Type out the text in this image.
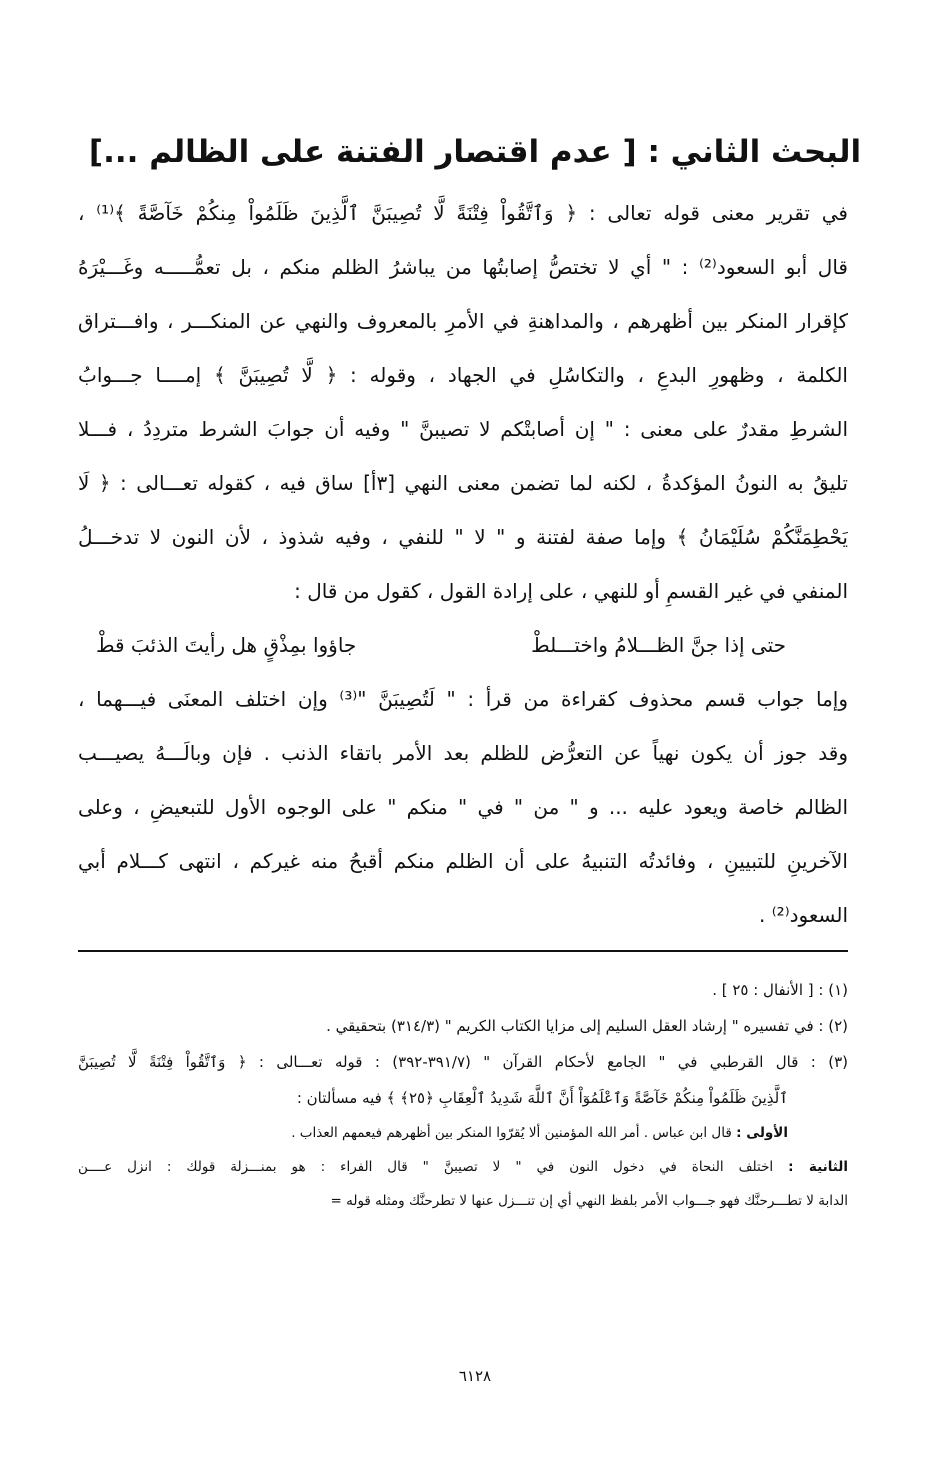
البحث الثاني : [ عدم اقتصار الفتنة على الظالم ...]
في تقرير معنى قوله تعالى : ﴿ وَٱتَّقُواْ فِتْنَةً لَّا تُصِيبَنَّ ٱلَّذِينَ ظَلَمُواْ مِنكُمْ خَآصَّةً ﴾⁽¹⁾ ،
قال أبو السعود⁽²⁾ : " أي لا تختصُّ إصابتُها من يباشرُ الظلم منكم ، بل تعمُّـــــه وغَـــيْرَهُ
كإقرار المنكر بين أظهرهم ، والمداهنةِ في الأمرِ بالمعروف والنهي عن المنكـــر ، وافـــتراق
الكلمة ، وظهورِ البدعِ ، والتكاسُلِ في الجهاد ، وقوله : ﴿ لَّا تُصِيبَنَّ ﴾ إمــــا جـــوابُ
الشرطِ مقدرٌ على معنى : " إن أصابتْكم لا تصيبنَّ " وفيه أن جوابَ الشرط متردِدُ ، فـــلا
تليقُ به النونُ المؤكدةُ ، لكنه لما تضمن معنى النهي [٣أ] ساق فيه ، كقوله تعـــالى : ﴿ لَا
يَحْطِمَنَّكُمْ سُلَيْمَانُ ﴾ وإما صفة لفتنة و " لا " للنفي ، وفيه شذوذ ، لأن النون لا تدخـــلُ
المنفي في غير القسمِ أو للنهي ، على إرادة القول ، كقول من قال :
حتى إذا جنَّ الظـــلامُ واختـــلطْ
جاؤوا بمِذْقٍ هل رأيتَ الذئبَ قطْ
وإما جواب قسم محذوف كقراءة من قرأ : " لَتُصِيبَنَّ "⁽³⁾ وإن اختلف المعنَى فيـــهما ،
وقد جوز أن يكون نهياً عن التعرُّض للظلم بعد الأمر باتقاء الذنب . فإن وبالَـــهُ يصيـــب
الظالم خاصة ويعود عليه ... و " من " في " منكم " على الوجوه الأول للتبعيضِ ، وعلى
الآخرينِ للتبيينِ ، وفائدتُه التنبيهُ على أن الظلم منكم أقبحُ منه غيركم ، انتهى كـــلام أبي
السعود⁽²⁾ .
(١) : [ الأنفال : ٢٥ ] .
(٢) : في تفسيره " إرشاد العقل السليم إلى مزايا الكتاب الكريم " (٣١٤/٣) بتحقيقي .
(٣) : قال القرطبي في " الجامع لأحكام القرآن " (٣٩١/٧-٣٩٢) : قوله تعـــالى : ﴿ وَٱتَّقُواْ فِتْنَةً لَّا تُصِيبَنَّ
ٱلَّذِينَ ظَلَمُواْ مِنكُمْ خَآصَّةً وَٱعْلَمُوٓاْ أَنَّ ٱللَّهَ شَدِيدُ ٱلْعِقَابِ ﴿٢٥﴾ ﴾ فيه مسألتان :
الأولى : قال ابن عباس . أمر الله المؤمنين ألا يُقرّوا المنكر بين أظهرهم فيعمهم العذاب .
الثانية : اختلف النحاة في دخول النون في " لا تصيبنَّ " قال الفراء : هو بمنـــزلة قولك : انزل عــــن
الدابة لا تطـــرحنَّك فهو جـــواب الأمر بلفظ النهي أي إن تنـــزل عنها لا تطرحنَّك ومثله قوله =
٦١٢٨
